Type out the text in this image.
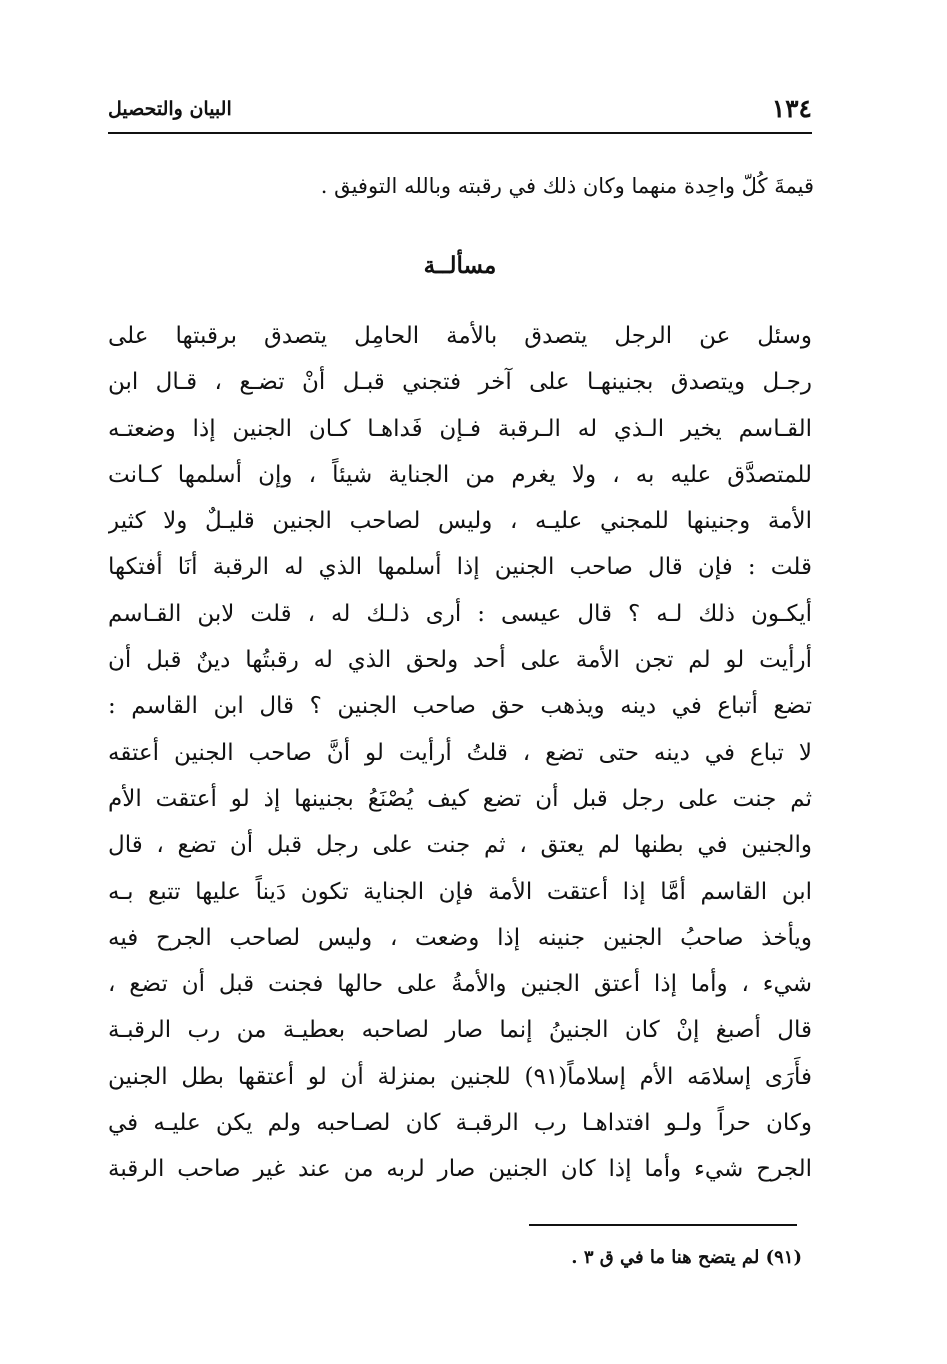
١٣٤
البيان والتحصيل
قيمةَ كُلّ واحِدة منهما وكان ذلك في رقبته وبالله التوفيق .
مسألــة
وسئل عن الرجل يتصدق بالأمة الحامِل يتصدق برقبتها على
رجـل ويتصدق بجنينهـا على آخر فتجني قبـل أنْ تضـع ، قـال ابن
القـاسم يخير الـذي له الـرقبة فـإن فَداهـا كـان الجنين إذا وضعتـه
للمتصدَّق عليه به ، ولا يغرم من الجناية شيئاً ، وإن أسلمها كـانت
الأمة وجنينها للمجني عليـه ، وليس لصاحب الجنين قليـلٌ ولا كثير
قلت : فإن قال صاحب الجنين إذا أسلمها الذي له الرقبة أنَا أفتكها
أيكـون ذلك لـه ؟ قال عيسى : أرى ذلـك له ، قلت لابن القـاسم
أرأيت لو لم تجن الأمة على أحد ولحق الذي له رقبتُها دينٌ قبل أن
تضع أتباع في دينه ويذهب حق صاحب الجنين ؟ قال ابن القاسم :
لا تباع في دينه حتى تضع ، قلتُ أرأيت لو أنَّ صاحب الجنين أعتقه
ثم جنت على رجل قبل أن تضع كيف يُصْنَعُ بجنينها إذ لو أعتقت الأم
والجنين في بطنها لم يعتق ، ثم جنت على رجل قبل أن تضع ، قال
ابن القاسم أمَّا إذا أعتقت الأمة فإن الجناية تكون دَيناً عليها تتبع بـه
ويأخذ صاحبُ الجنين جنينه إذا وضعت ، وليس لصاحب الجرح فيه
شيء ، وأما إذا أعتق الجنين والأمةُ على حالها فجنت قبل أن تضع ،
قال أصبغ إنْ كان الجنينُ إنما صار لصاحبه بعطيـة من رب الرقبـة
فأَرَى إسلامَه الأم إسلاماً(٩١) للجنين بمنزلة أن لو أعتقها بطل الجنين
وكان حراً ولـو افتداهـا رب الرقبـة كان لصـاحبه ولم يكن عليـه في
الجرح شيء وأما إذا كان الجنين صار لربه من عند غير صاحب الرقبة
(٩١) لم يتضح هنا ما في ق ٣ .
